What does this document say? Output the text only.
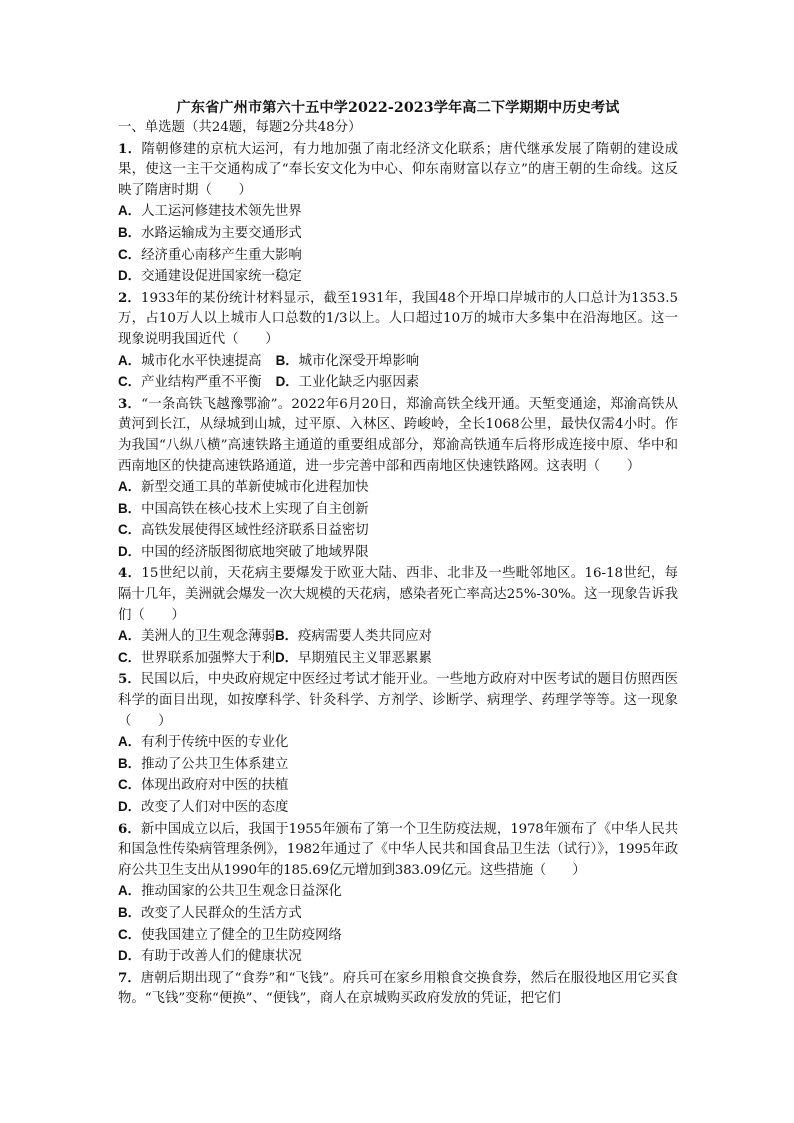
广东省广州市第六十五中学2022-2023学年高二下学期期中历史考试

一、单选题（共24题，每题2分共48分）

1．隋朝修建的京杭大运河，有力地加强了南北经济文化联系；唐代继承发展了隋朝的建设成果，使这一主干交通构成了“奉长安文化为中心、仰东南财富以存立”的唐王朝的生命线。这反映了隋唐时期（　　）

A．人工运河修建技术领先世界

B．水路运输成为主要交通形式

C．经济重心南移产生重大影响

D．交通建设促进国家统一稳定

2．1933年的某份统计材料显示，截至1931年，我国48个开埠口岸城市的人口总计为1353.5万，占10万人以上城市人口总数的1/3以上。人口超过10万的城市大多集中在沿海地区。这一现象说明我国近代（　　）

A．城市化水平快速提高 B．城市化深受开埠影响

C．产业结构严重不平衡 D．工业化缺乏内驱因素

3．“一条高铁飞越豫鄂渝”。2022年6月20日，郑渝高铁全线开通。天堑变通途，郑渝高铁从黄河到长江，从绿城到山城，过平原、入林区、跨峻岭，全长1068公里，最快仅需4小时。作为我国“八纵八横”高速铁路主通道的重要组成部分，郑渝高铁通车后将形成连接中原、华中和西南地区的快捷高速铁路通道，进一步完善中部和西南地区快速铁路网。这表明（　　）

A．新型交通工具的革新使城市化进程加快

B．中国高铁在核心技术上实现了自主创新

C．高铁发展使得区域性经济联系日益密切

D．中国的经济版图彻底地突破了地域界限

4．15世纪以前，天花病主要爆发于欧亚大陆、西非、北非及一些毗邻地区。16-18世纪，每隔十几年，美洲就会爆发一次大规模的天花病，感染者死亡率高达25%-30%。这一现象告诉我们（　　）

A．美洲人的卫生观念薄弱B．疫病需要人类共同应对

C．世界联系加强弊大于利D．早期殖民主义罪恶累累

5．民国以后，中央政府规定中医经过考试才能开业。一些地方政府对中医考试的题目仿照西医科学的面目出现，如按摩科学、针灸科学、方剂学、诊断学、病理学、药理学等等。这一现象（　　）

A．有利于传统中医的专业化

B．推动了公共卫生体系建立

C．体现出政府对中医的扶植

D．改变了人们对中医的态度

6．新中国成立以后，我国于1955年颁布了第一个卫生防疫法规，1978年颁布了《中华人民共和国急性传染病管理条例》，1982年通过了《中华人民共和国食品卫生法（试行）》，1995年政府公共卫生支出从1990年的185.69亿元增加到383.09亿元。这些措施（　　）

A．推动国家的公共卫生观念日益深化

B．改变了人民群众的生活方式

C．使我国建立了健全的卫生防疫网络

D．有助于改善人们的健康状况

7．唐朝后期出现了“食券”和“飞钱”。府兵可在家乡用粮食交换食券，然后在服役地区用它买食物。“飞钱”变称“便换”、“便钱”，商人在京城购买政府发放的凭证，把它们
